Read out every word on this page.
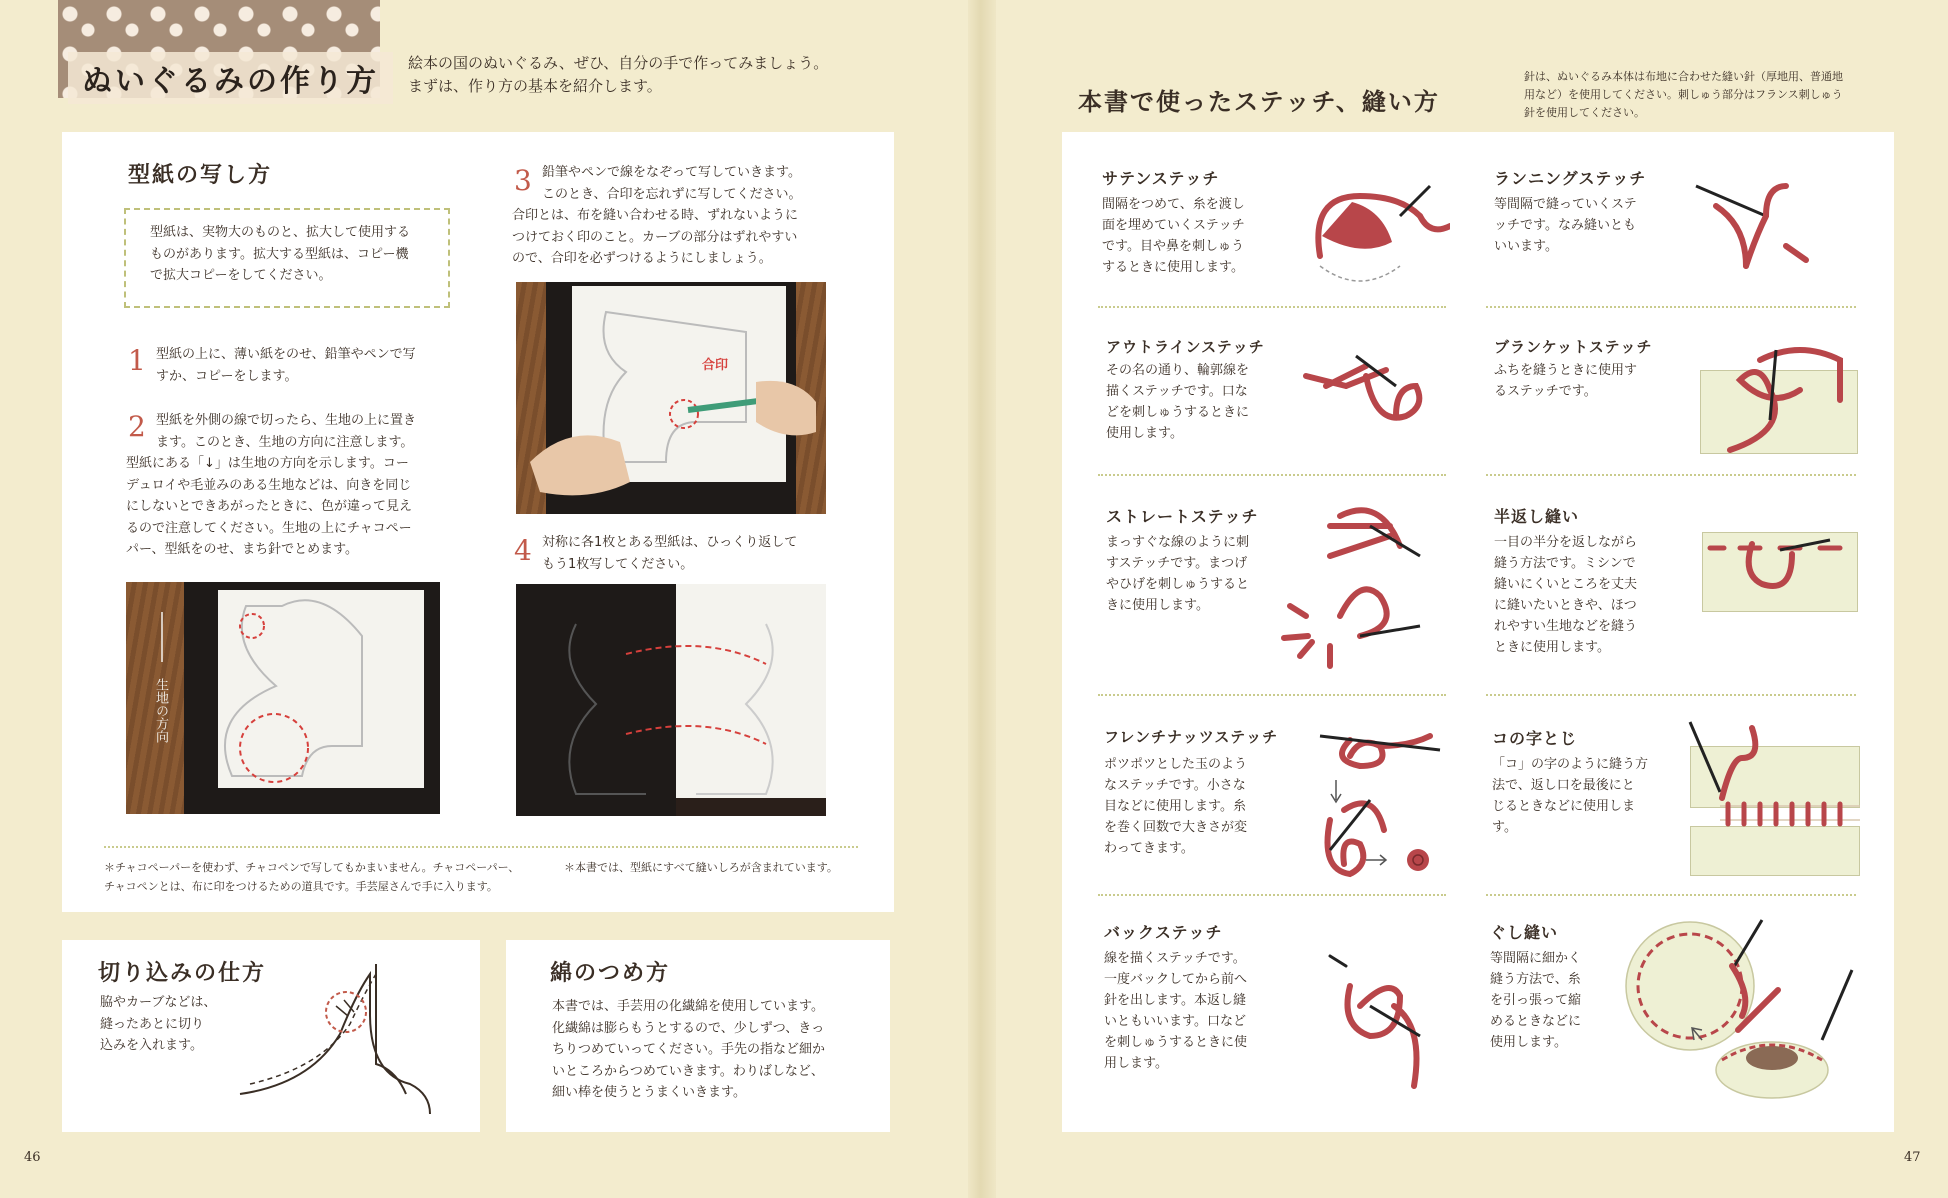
ぬいぐるみの作り方
絵本の国のぬいぐるみ、ぜひ、自分の手で作ってみましょう。
まずは、作り方の基本を紹介します。
型紙の写し方
型紙は、実物大のものと、拡大して使用する
ものがあります。拡大する型紙は、コピー機
で拡大コピーをしてください。
1 型紙の上に、薄い紙をのせ、鉛筆やペンで写
すか、コピーをします。
2 型紙を外側の線で切ったら、生地の上に置き
ます。このとき、生地の方向に注意します。
型紙にある「↓」は生地の方向を示します。コー
デュロイや毛並みのある生地などは、向きを同じ
にしないとできあがったときに、色が違って見え
るので注意してください。生地の上にチャコペー
パー、型紙をのせ、まち針でとめます。
3 鉛筆やペンで線をなぞって写していきます。
このとき、合印を忘れずに写してください。
合印とは、布を縫い合わせる時、ずれないように
つけておく印のこと。カーブの部分はずれやすい
ので、合印を必ずつけるようにしましょう。
合印
4 対称に各1枚とある型紙は、ひっくり返して
もう1枚写してください。
生地の方向
＊チャコペーパーを使わず、チャコペンで写してもかまいません。チャコペーパー、
チャコペンとは、布に印をつけるための道具です。手芸屋さんで手に入ります。
＊本書では、型紙にすべて縫いしろが含まれています。
切り込みの仕方
脇やカーブなどは、
縫ったあとに切り
込みを入れます。
綿のつめ方
本書では、手芸用の化繊綿を使用しています。
化繊綿は膨らもうとするので、少しずつ、きっ
ちりつめていってください。手先の指など細か
いところからつめていきます。わりばしなど、
細い棒を使うとうまくいきます。
46
本書で使ったステッチ、縫い方
針は、ぬいぐるみ本体は布地に合わせた縫い針（厚地用、普通地
用など）を使用してください。刺しゅう部分はフランス刺しゅう
針を使用してください。
サテンステッチ
間隔をつめて、糸を渡し
面を埋めていくステッチ
です。目や鼻を刺しゅう
するときに使用します。
ランニングステッチ
等間隔で縫っていくステ
ッチです。なみ縫いとも
いいます。
アウトラインステッチ
その名の通り、輪郭線を
描くステッチです。口な
どを刺しゅうするときに
使用します。
ブランケットステッチ
ふちを縫うときに使用す
るステッチです。
ストレートステッチ
まっすぐな線のように刺
すステッチです。まつげ
やひげを刺しゅうすると
きに使用します。
半返し縫い
一目の半分を返しながら
縫う方法です。ミシンで
縫いにくいところを丈夫
に縫いたいときや、ほつ
れやすい生地などを縫う
ときに使用します。
フレンチナッツステッチ
ポツポツとした玉のよう
なステッチです。小さな
目などに使用します。糸
を巻く回数で大きさが変
わってきます。
コの字とじ
「コ」の字のように縫う方
法で、返し口を最後にと
じるときなどに使用しま
す。
バックステッチ
線を描くステッチです。
一度バックしてから前へ
針を出します。本返し縫
いともいいます。口など
を刺しゅうするときに使
用します。
ぐし縫い
等間隔に細かく
縫う方法で、糸
を引っ張って縮
めるときなどに
使用します。
47
